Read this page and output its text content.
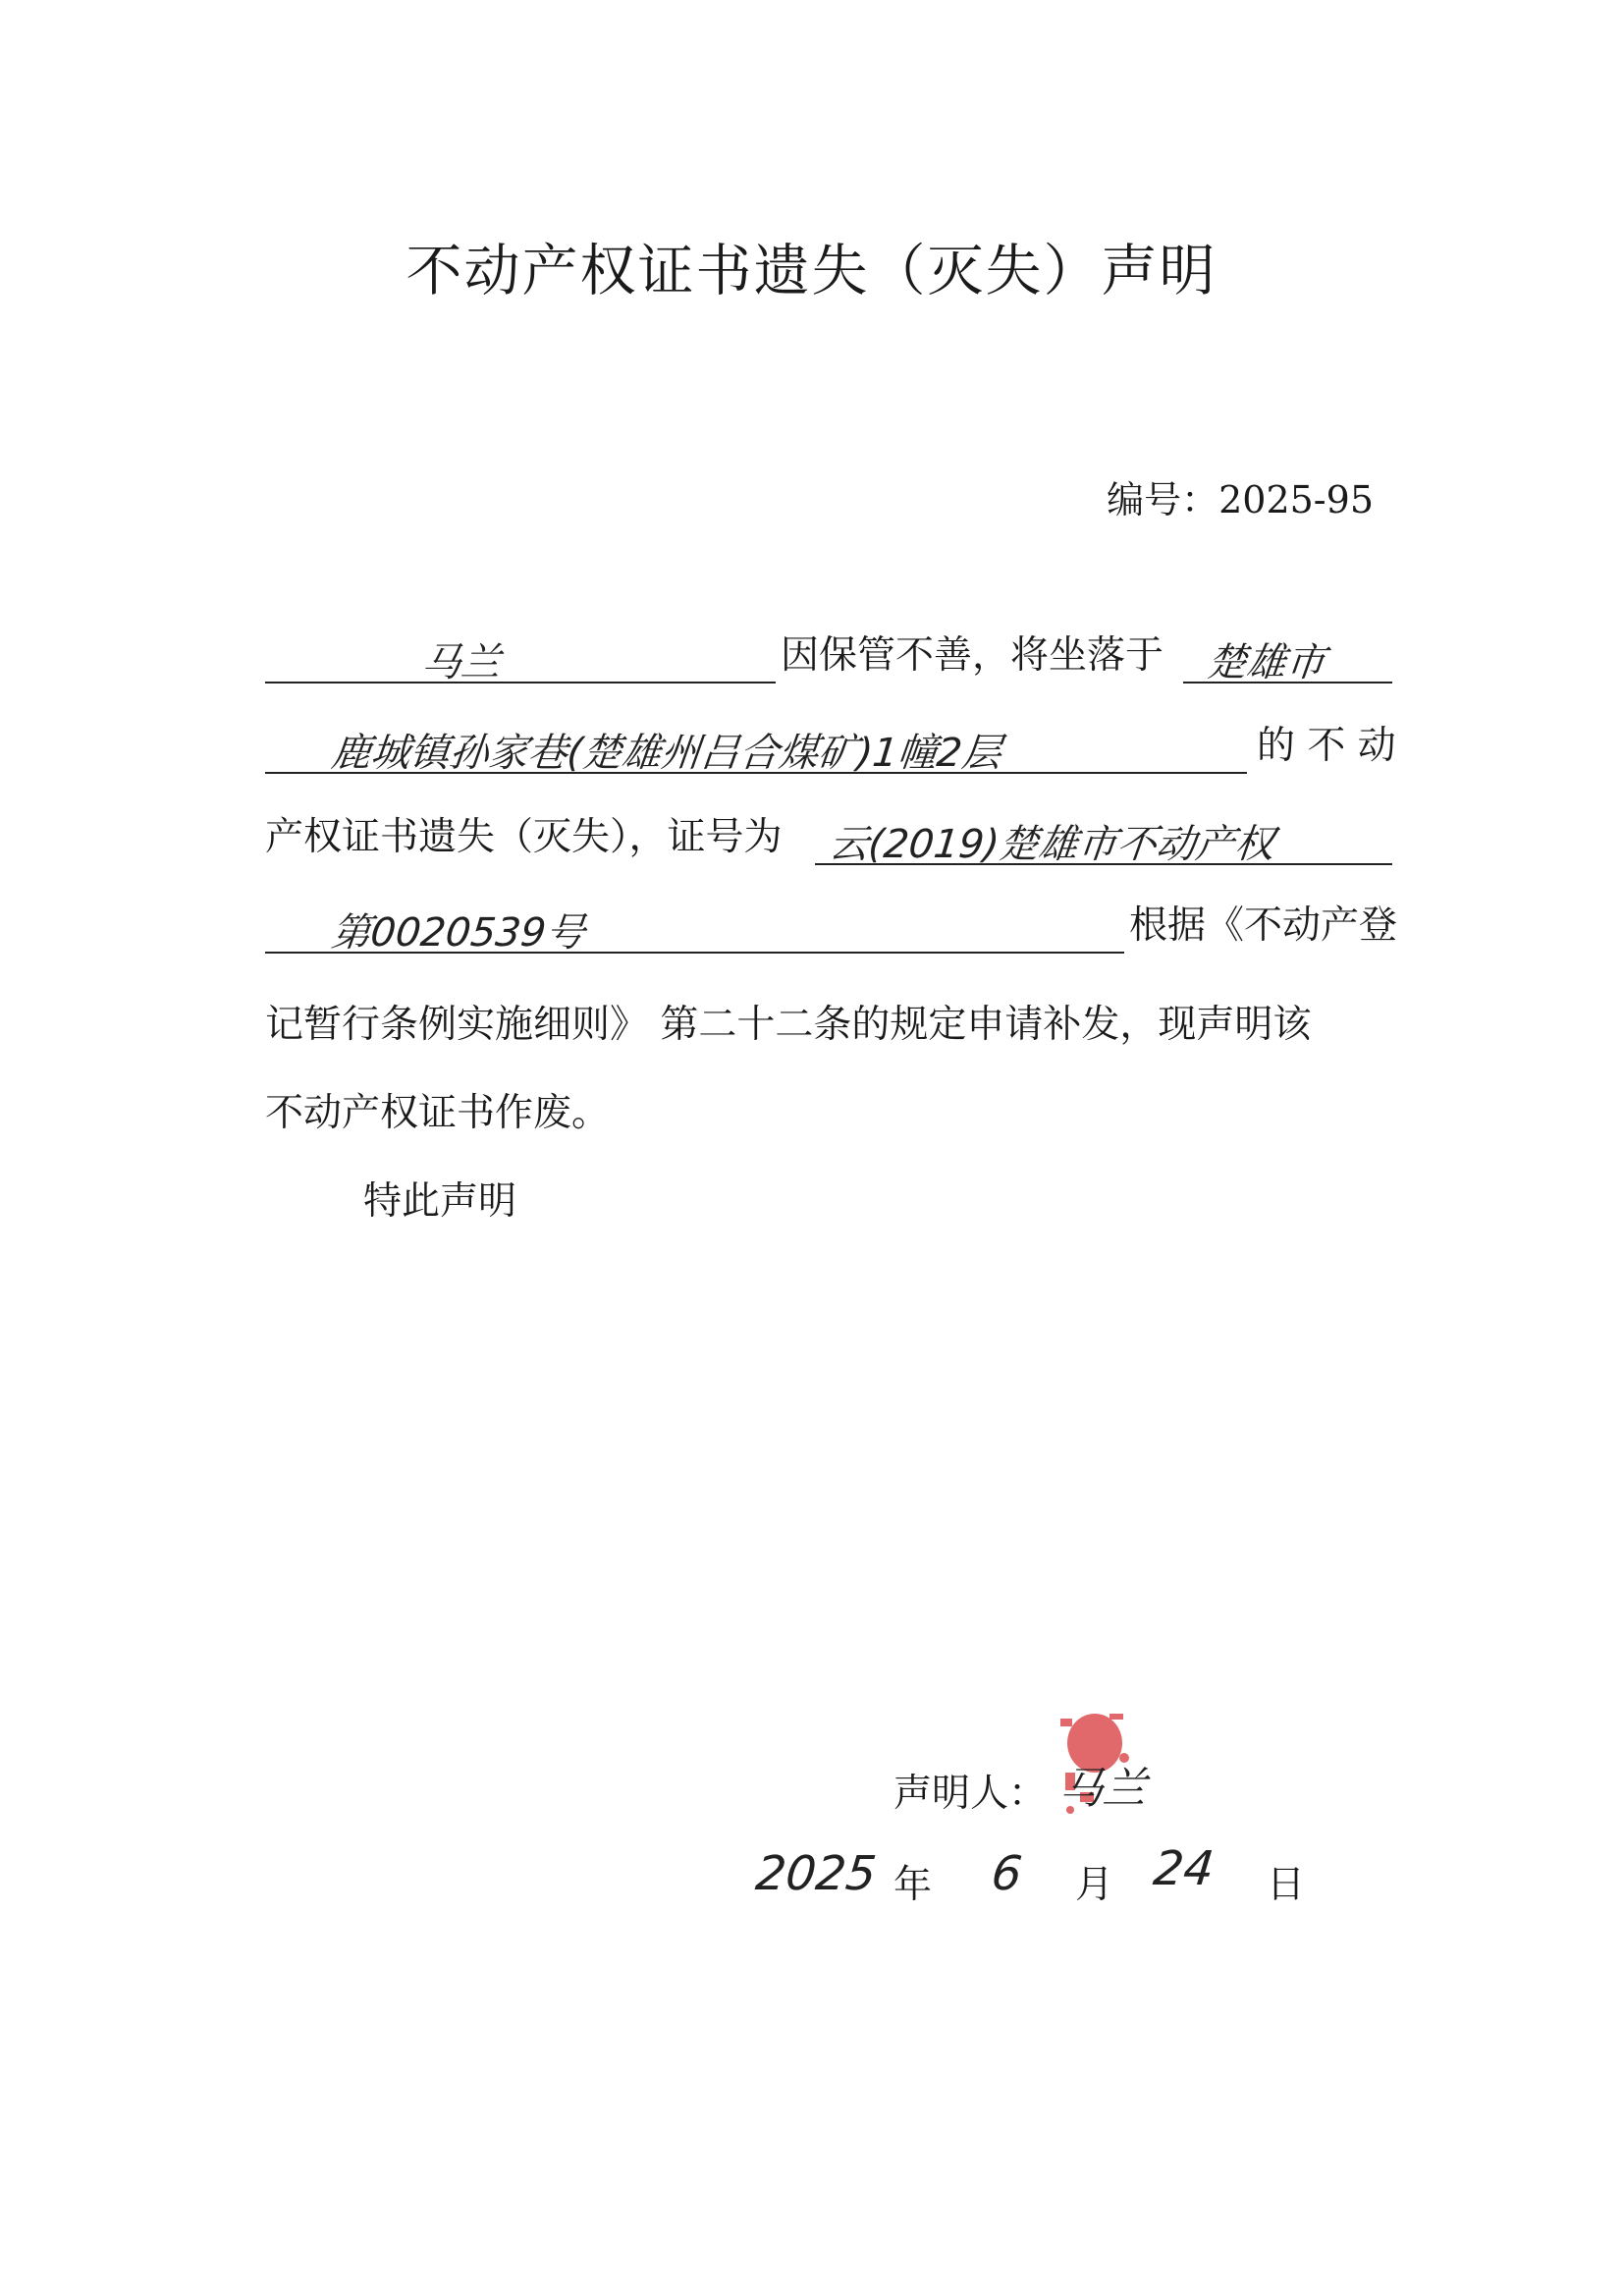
不动产权证书遗失（灭失）声明
编号：2025-95
马兰	因保管不善，将坐落于 楚雄市
鹿城镇孙家巷(楚雄州吕合煤矿)1幢2层	的 不 动
产权证书遗失（灭失），证号为 云(2019)楚雄市不动产权
第0020539号	根据《不动产登
记暂行条例实施细则》 第二十二条的规定申请补发，现声明该
不动产权证书作废。
特此声明
声明人： 马兰
2025 年 6 月 24 日
